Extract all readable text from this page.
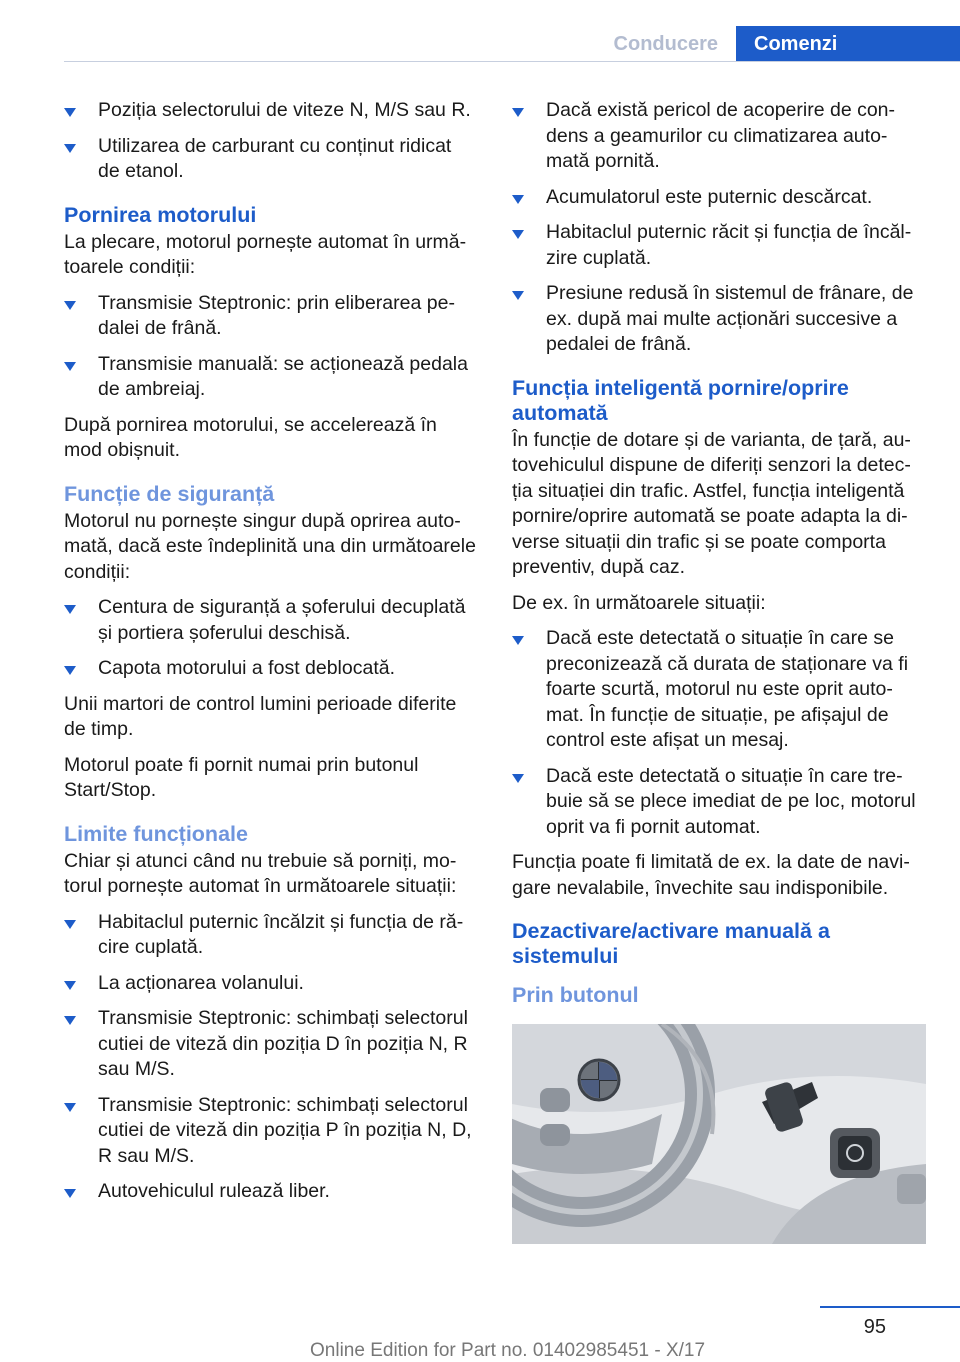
Conducere	Comenzi
Poziția selectorului de viteze N, M/S sau R.
Utilizarea de carburant cu conținut ridicat de etanol.
Pornirea motorului

La plecare, motorul pornește automat în următoarele condiții:

Transmisie Steptronic: prin eliberarea pedalei de frână.
Transmisie manuală: se acționează pedala de ambreiaj.

După pornirea motorului, se accelerează în mod obișnuit.

Funcție de siguranță

Motorul nu pornește singur după oprirea automată, dacă este îndeplinită una din următoarele condiții:

Centura de siguranță a șoferului decuplată și portiera șoferului deschisă.
Capota motorului a fost deblocată.

Unii martori de control lumini perioade diferite de timp.

Motorul poate fi pornit numai prin butonul Start/Stop.

Limite funcționale

Chiar și atunci când nu trebuie să porniți, motorul pornește automat în următoarele situații:

Habitaclul puternic încălzit și funcția de răcire cuplată.
La acționarea volanului.
Transmisie Steptronic: schimbați selectorul cutiei de viteză din poziția D în poziția N, R sau M/S.
Transmisie Steptronic: schimbați selectorul cutiei de viteză din poziția P în poziția N, D, R sau M/S.
Autovehiculul rulează liber.
Dacă există pericol de acoperire de condens a geamurilor cu climatizarea automată pornită.
Acumulatorul este puternic descărcat.
Habitaclul puternic răcit și funcția de încălzire cuplată.
Presiune redusă în sistemul de frânare, de ex. după mai multe acționări succesive a pedalei de frână.
Funcția inteligentă pornire/oprire automată

În funcție de dotare și de varianta, de țară, autovehiculul dispune de diferiți senzori la detecția situației din trafic. Astfel, funcția inteligentă pornire/oprire automată se poate adapta la diverse situații din trafic și se poate comporta preventiv, după caz.

De ex. în următoarele situații:

Dacă este detectată o situație în care se preconizează că durata de staționare va fi foarte scurtă, motorul nu este oprit automat. În funcție de situație, pe afișajul de control este afișat un mesaj.
Dacă este detectată o situație în care trebuie să se plece imediat de pe loc, motorul oprit va fi pornit automat.

Funcția poate fi limitată de ex. la date de navigare nevalabile, învechite sau indisponibile.

Dezactivare/activare manuală a sistemului
Prin butonul
95
Online Edition for Part no. 01402985451 - X/17
